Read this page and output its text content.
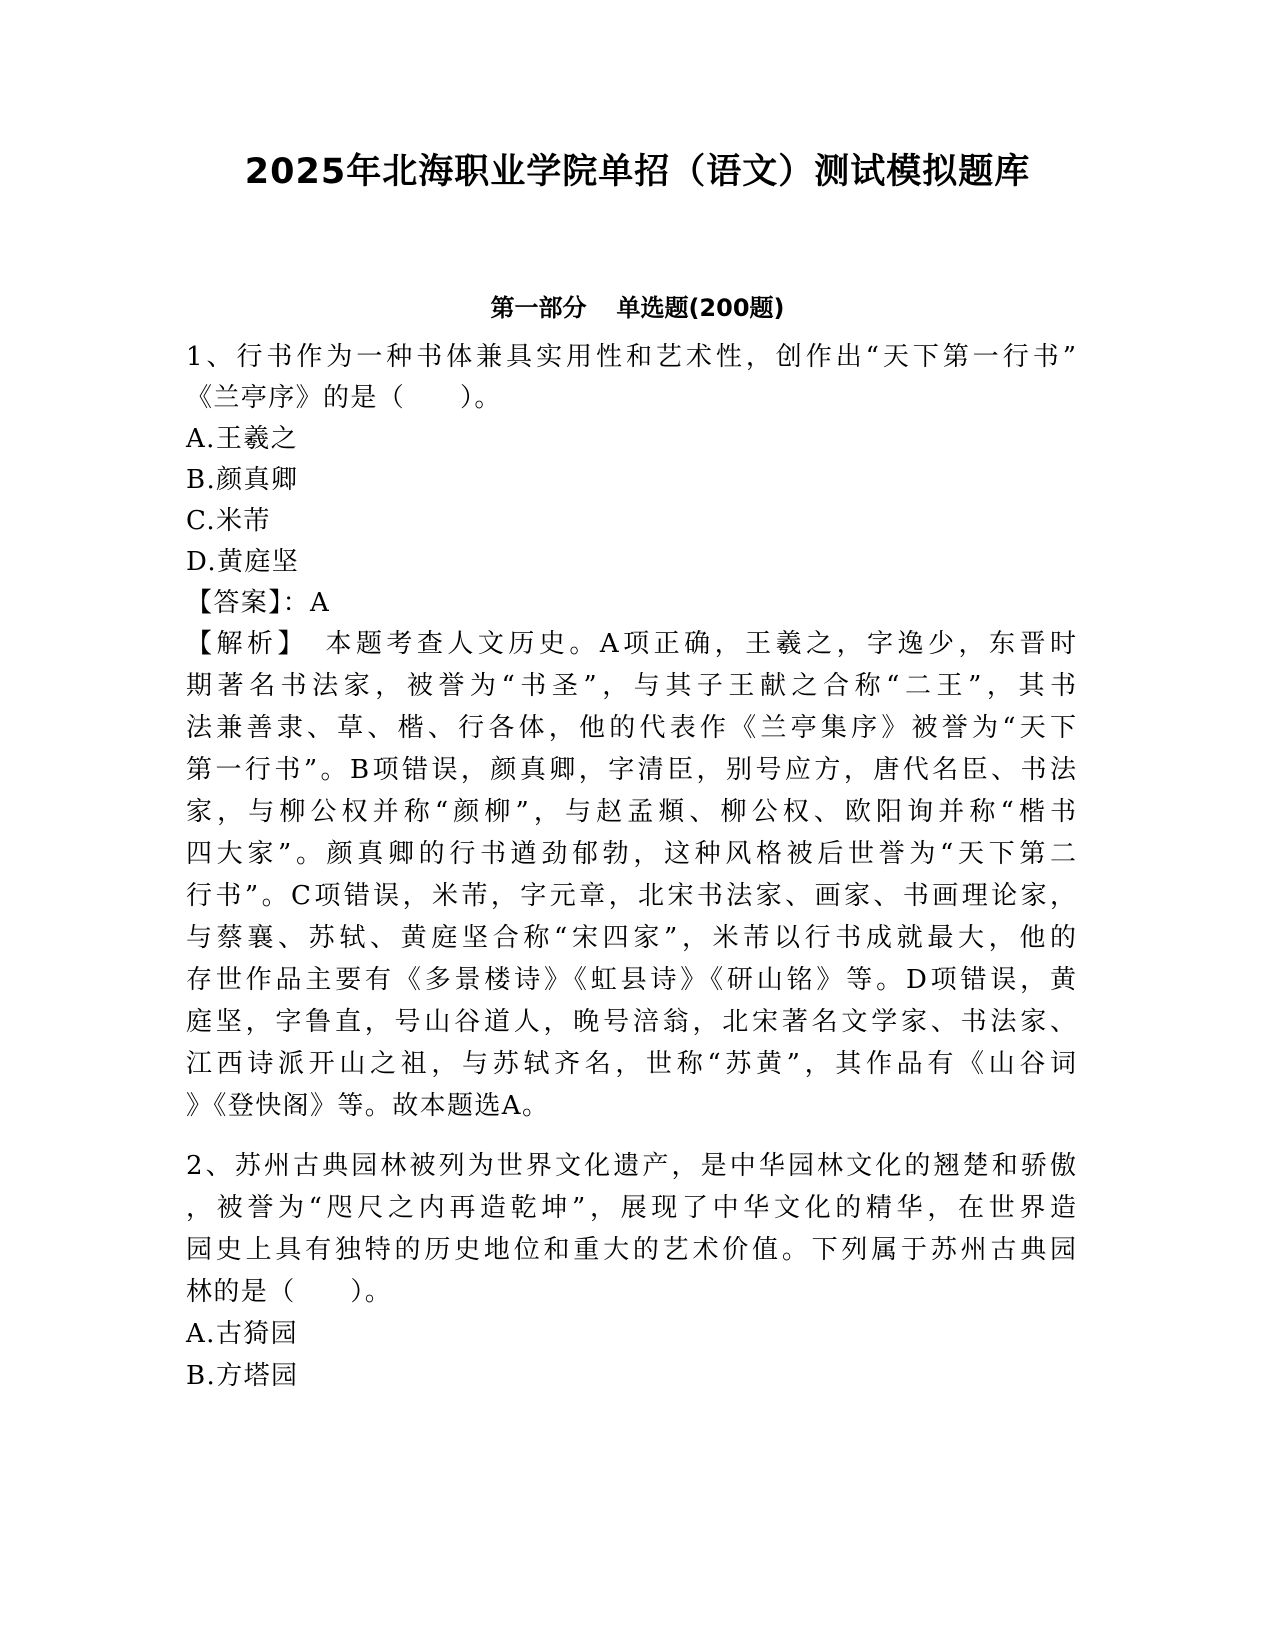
2025年北海职业学院单招（语文）测试模拟题库
第一部分 单选题(200题)
1、行书作为一种书体兼具实用性和艺术性，创作出“天下第一行书”
《兰亭序》的是（　　）。
A.王羲之
B.颜真卿
C.米芾
D.黄庭坚
【答案】：A
【解析】　本题考查人文历史。A项正确，王羲之，字逸少，东晋时
期著名书法家，被誉为“书圣”，与其子王献之合称“二王”，其书
法兼善隶、草、楷、行各体，他的代表作《兰亭集序》被誉为“天下
第一行书”。B项错误，颜真卿，字清臣，别号应方，唐代名臣、书法
家，与柳公权并称“颜柳”，与赵孟頫、柳公权、欧阳询并称“楷书
四大家”。颜真卿的行书遒劲郁勃，这种风格被后世誉为“天下第二
行书”。C项错误，米芾，字元章，北宋书法家、画家、书画理论家，
与蔡襄、苏轼、黄庭坚合称“宋四家”，米芾以行书成就最大，他的
存世作品主要有《多景楼诗》《虹县诗》《研山铭》等。D项错误，黄
庭坚，字鲁直，号山谷道人，晚号涪翁，北宋著名文学家、书法家、
江西诗派开山之祖，与苏轼齐名，世称“苏黄”，其作品有《山谷词
》《登快阁》等。故本题选A。
2、苏州古典园林被列为世界文化遗产，是中华园林文化的翘楚和骄傲
，被誉为“咫尺之内再造乾坤”，展现了中华文化的精华，在世界造
园史上具有独特的历史地位和重大的艺术价值。下列属于苏州古典园
林的是（　　）。
A.古猗园
B.方塔园
